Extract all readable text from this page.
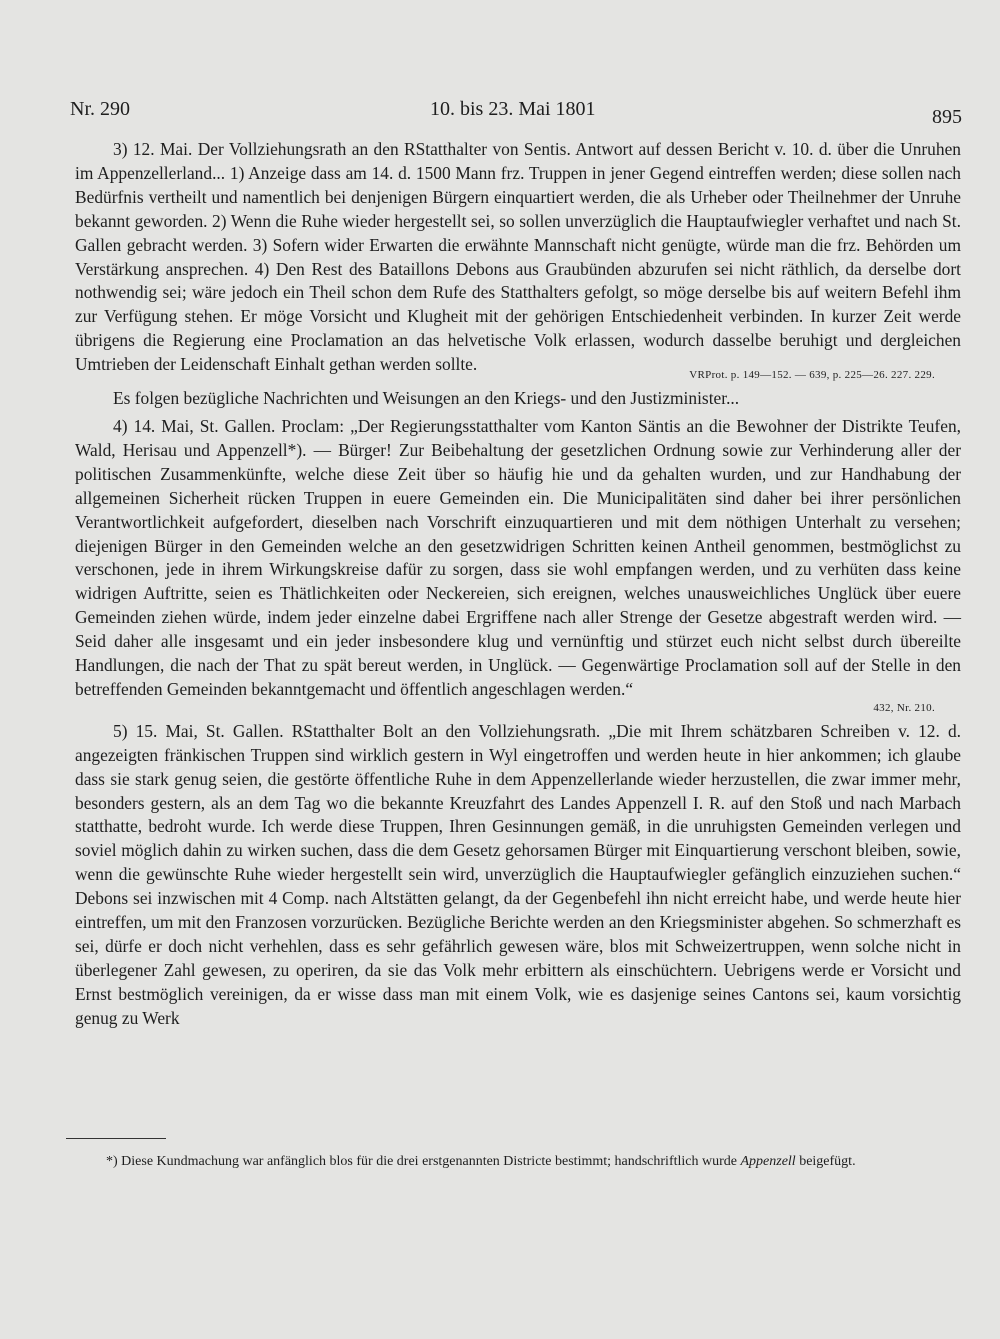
Nr. 290	10. bis 23. Mai 1801	895

3) 12. Mai. Der Vollziehungsrath an den RStatthalter von Sentis. Antwort auf dessen Bericht v. 10. d. über die Unruhen im Appenzellerland... 1) Anzeige dass am 14. d. 1500 Mann frz. Truppen in jener Gegend eintreffen werden; diese sollen nach Bedürfnis vertheilt und namentlich bei denjenigen Bürgern einquartiert werden, die als Urheber oder Theilnehmer der Unruhe bekannt geworden. 2) Wenn die Ruhe wieder hergestellt sei, so sollen unverzüglich die Hauptaufwiegler verhaftet und nach St. Gallen gebracht werden. 3) Sofern wider Erwarten die erwähnte Mannschaft nicht genügte, würde man die frz. Behörden um Verstärkung ansprechen. 4) Den Rest des Bataillons Debons aus Graubünden abzurufen sei nicht räthlich, da derselbe dort nothwendig sei; wäre jedoch ein Theil schon dem Rufe des Statthalters gefolgt, so möge derselbe bis auf weitern Befehl ihm zur Verfügung stehen. Er möge Vorsicht und Klugheit mit der gehörigen Entschiedenheit verbinden. In kurzer Zeit werde übrigens die Regierung eine Proclamation an das helvetische Volk erlassen, wodurch dasselbe beruhigt und dergleichen Umtrieben der Leidenschaft Einhalt gethan werden sollte.

VRProt. p. 149—152. — 639, p. 225—26. 227. 229.

Es folgen bezügliche Nachrichten und Weisungen an den Kriegs- und den Justizminister...

4) 14. Mai, St. Gallen. Proclam: „Der Regierungsstatthalter vom Kanton Säntis an die Bewohner der Distrikte Teufen, Wald, Herisau und Appenzell*). — Bürger! Zur Beibehaltung der gesetzlichen Ordnung sowie zur Verhinderung aller der politischen Zusammenkünfte, welche diese Zeit über so häufig hie und da gehalten wurden, und zur Handhabung der allgemeinen Sicherheit rücken Truppen in euere Gemeinden ein. Die Municipalitäten sind daher bei ihrer persönlichen Verantwortlichkeit aufgefordert, dieselben nach Vorschrift einzuquartieren und mit dem nöthigen Unterhalt zu versehen; diejenigen Bürger in den Gemeinden welche an den gesetzwidrigen Schritten keinen Antheil genommen, bestmöglichst zu verschonen, jede in ihrem Wirkungskreise dafür zu sorgen, dass sie wohl empfangen werden, und zu verhüten dass keine widrigen Auftritte, seien es Thätlichkeiten oder Neckereien, sich ereignen, welches unausweichliches Unglück über euere Gemeinden ziehen würde, indem jeder einzelne dabei Ergriffene nach aller Strenge der Gesetze abgestraft werden wird. — Seid daher alle insgesamt und ein jeder insbesondere klug und vernünftig und stürzet euch nicht selbst durch übereilte Handlungen, die nach der That zu spät bereut werden, in Unglück. — Gegenwärtige Proclamation soll auf der Stelle in den betreffenden Gemeinden bekanntgemacht und öffentlich angeschlagen werden.“

432, Nr. 210.

5) 15. Mai, St. Gallen. RStatthalter Bolt an den Vollziehungsrath. „Die mit Ihrem schätzbaren Schreiben v. 12. d. angezeigten fränkischen Truppen sind wirklich gestern in Wyl eingetroffen und werden heute in hier ankommen; ich glaube dass sie stark genug seien, die gestörte öffentliche Ruhe in dem Appenzellerlande wieder herzustellen, die zwar immer mehr, besonders gestern, als an dem Tag wo die bekannte Kreuzfahrt des Landes Appenzell I. R. auf den Stoß und nach Marbach statthatte, bedroht wurde. Ich werde diese Truppen, Ihren Gesinnungen gemäß, in die unruhigsten Gemeinden verlegen und soviel möglich dahin zu wirken suchen, dass die dem Gesetz gehorsamen Bürger mit Einquartierung verschont bleiben, sowie, wenn die gewünschte Ruhe wieder hergestellt sein wird, unverzüglich die Hauptaufwiegler gefänglich einzuziehen suchen.“ Debons sei inzwischen mit 4 Comp. nach Altstätten gelangt, da der Gegenbefehl ihn nicht erreicht habe, und werde heute hier eintreffen, um mit den Franzosen vorzurücken. Bezügliche Berichte werden an den Kriegsminister abgehen. So schmerzhaft es sei, dürfe er doch nicht verhehlen, dass es sehr gefährlich gewesen wäre, blos mit Schweizertruppen, wenn solche nicht in überlegener Zahl gewesen, zu operiren, da sie das Volk mehr erbittern als einschüchtern. Uebrigens werde er Vorsicht und Ernst bestmöglich vereinigen, da er wisse dass man mit einem Volk, wie es dasjenige seines Cantons sei, kaum vorsichtig genug zu Werk

*) Diese Kundmachung war anfänglich blos für die drei erstgenannten Districte bestimmt; handschriftlich wurde Appenzell beigefügt.
